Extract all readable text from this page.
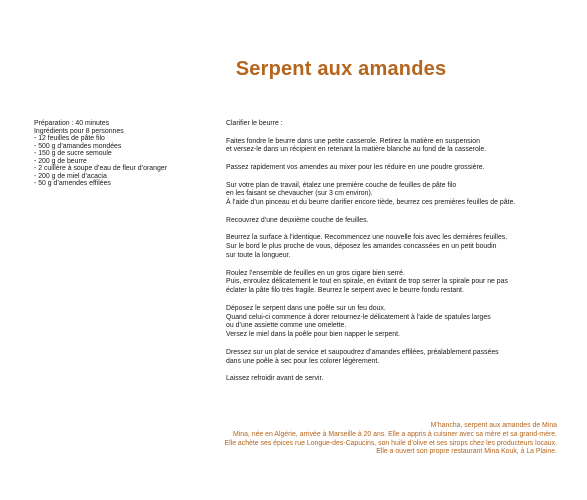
Serpent aux amandes
Préparation : 40 minutes
Ingrédients pour 8 personnes
- 12 feuilles de pâte filo
- 500 g d’amandes mondées
- 150 g de sucre semoule
- 200 g de beurre
- 2 cuillère à soupe d’eau de fleur d’oranger
- 200 g de miel d’acacia
- 50 g d’amendes effilées

Clarifier le beurre :

Faites fondre le beurre dans une petite casserole. Retirez la matière en suspension
et versez-le dans un récipient en retenant la matière blanche au fond de la casserole.

Passez rapidement vos amendes au mixer pour les réduire en une poudre grossière.

Sur votre plan de travail, étalez une première couche de feuilles de pâte filo
en les faisant se chevaucher (sur 3 cm environ).
À l’aide d’un pinceau et du beurre clarifier encore tiède, beurrez ces premières feuilles de pâte.

Recouvrez d’une deuxième couche de feuilles.

Beurrez la surface à l’identique. Recommencez une nouvelle fois avec les dernières feuilles.
Sur le bord le plus proche de vous, déposez les amandes concassées en un petit boudin
sur toute la longueur.

Roulez l’ensemble de feuilles en un gros cigare bien serré.
Puis, enroulez délicatement le tout en spirale, en évitant de trop serrer la spirale pour ne pas
éclater la pâte filo très fragile. Beurrez le serpent avec le beurre fondu restant.

Déposez le serpent dans une poêle sur un feu doux.
Quand celui-ci commence à dorer retournez-le délicatement à l’aide de spatules larges
ou d’une assiette comme une omelette.
Versez le miel dans la poêle pour bien napper le serpent.

Dressez sur un plat de service et saupoudrez d’amandes effilées, préalablement passées
dans une poêle à sec pour les colorer légèrement.

Laissez refroidir avant de servir.

M’hancha, serpent aux amandes de Mina
Mina, née en Algérie, arrivée à Marseille à 20 ans. Elle a appris à cuisiner avec sa mère et sa grand-mère.
Elle achète ses épices rue Longue-des-Capucins, son huile d’olive et ses sirops chez les producteurs locaux.
Elle a ouvert son propre restaurant Mina Kouk, à La Plaine.
